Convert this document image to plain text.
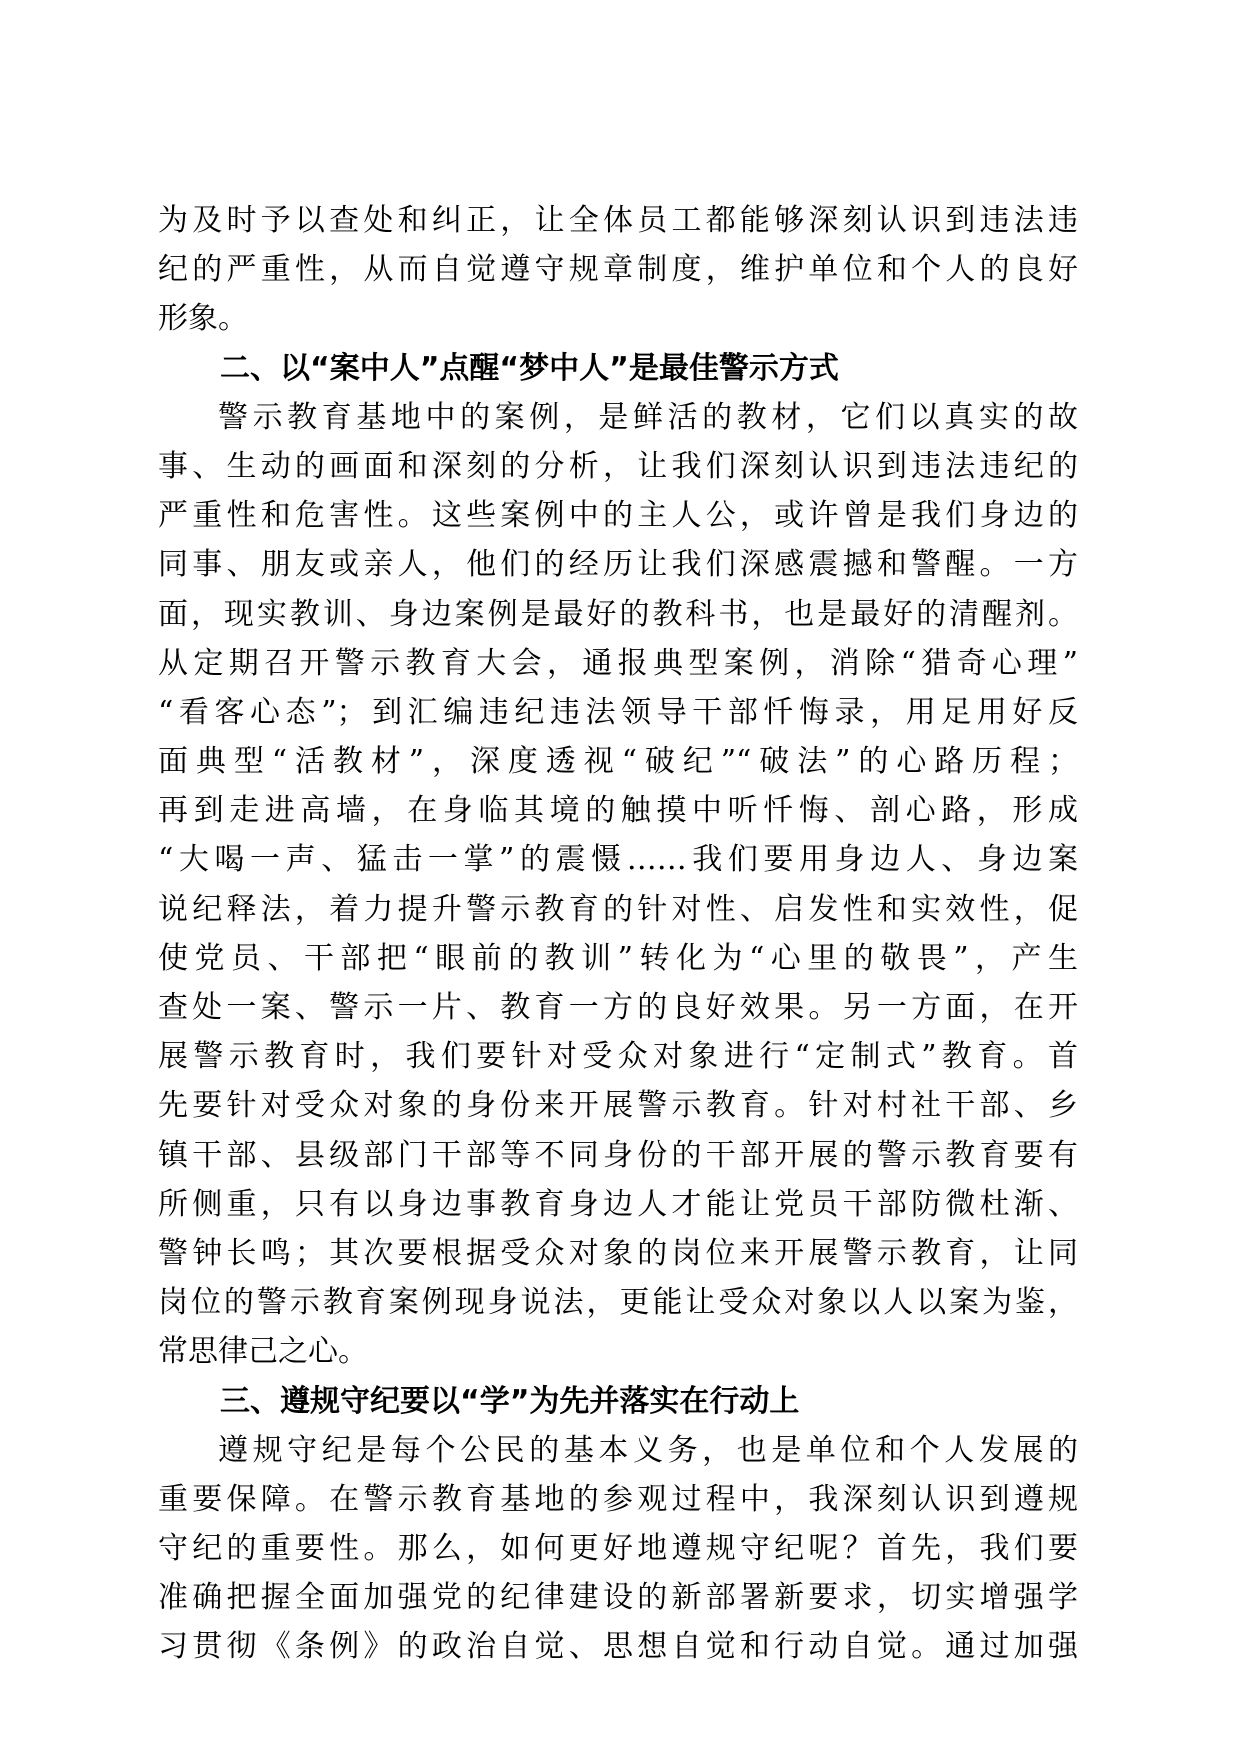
为及时予以查处和纠正，让全体员工都能够深刻认识到违法违
纪的严重性，从而自觉遵守规章制度，维护单位和个人的良好
形象。
二、以“案中人”点醒“梦中人”是最佳警示方式
警示教育基地中的案例，是鲜活的教材，它们以真实的故
事、生动的画面和深刻的分析，让我们深刻认识到违法违纪的
严重性和危害性。这些案例中的主人公，或许曾是我们身边的
同事、朋友或亲人，他们的经历让我们深感震撼和警醒。一方
面，现实教训、身边案例是最好的教科书，也是最好的清醒剂。
从定期召开警示教育大会，通报典型案例，消除“猎奇心理”
“看客心态”；到汇编违纪违法领导干部忏悔录，用足用好反
面典型“活教材”，深度透视“破纪”“破法”的心路历程；
再到走进高墙，在身临其境的触摸中听忏悔、剖心路，形成
“大喝一声、猛击一掌”的震慑……我们要用身边人、身边案
说纪释法，着力提升警示教育的针对性、启发性和实效性，促
使党员、干部把“眼前的教训”转化为“心里的敬畏”，产生
查处一案、警示一片、教育一方的良好效果。另一方面，在开
展警示教育时，我们要针对受众对象进行“定制式”教育。首
先要针对受众对象的身份来开展警示教育。针对村社干部、乡
镇干部、县级部门干部等不同身份的干部开展的警示教育要有
所侧重，只有以身边事教育身边人才能让党员干部防微杜渐、
警钟长鸣；其次要根据受众对象的岗位来开展警示教育，让同
岗位的警示教育案例现身说法，更能让受众对象以人以案为鉴，
常思律己之心。
三、遵规守纪要以“学”为先并落实在行动上
遵规守纪是每个公民的基本义务，也是单位和个人发展的
重要保障。在警示教育基地的参观过程中，我深刻认识到遵规
守纪的重要性。那么，如何更好地遵规守纪呢？首先，我们要
准确把握全面加强党的纪律建设的新部署新要求，切实增强学
习贯彻《条例》的政治自觉、思想自觉和行动自觉。通过加强
